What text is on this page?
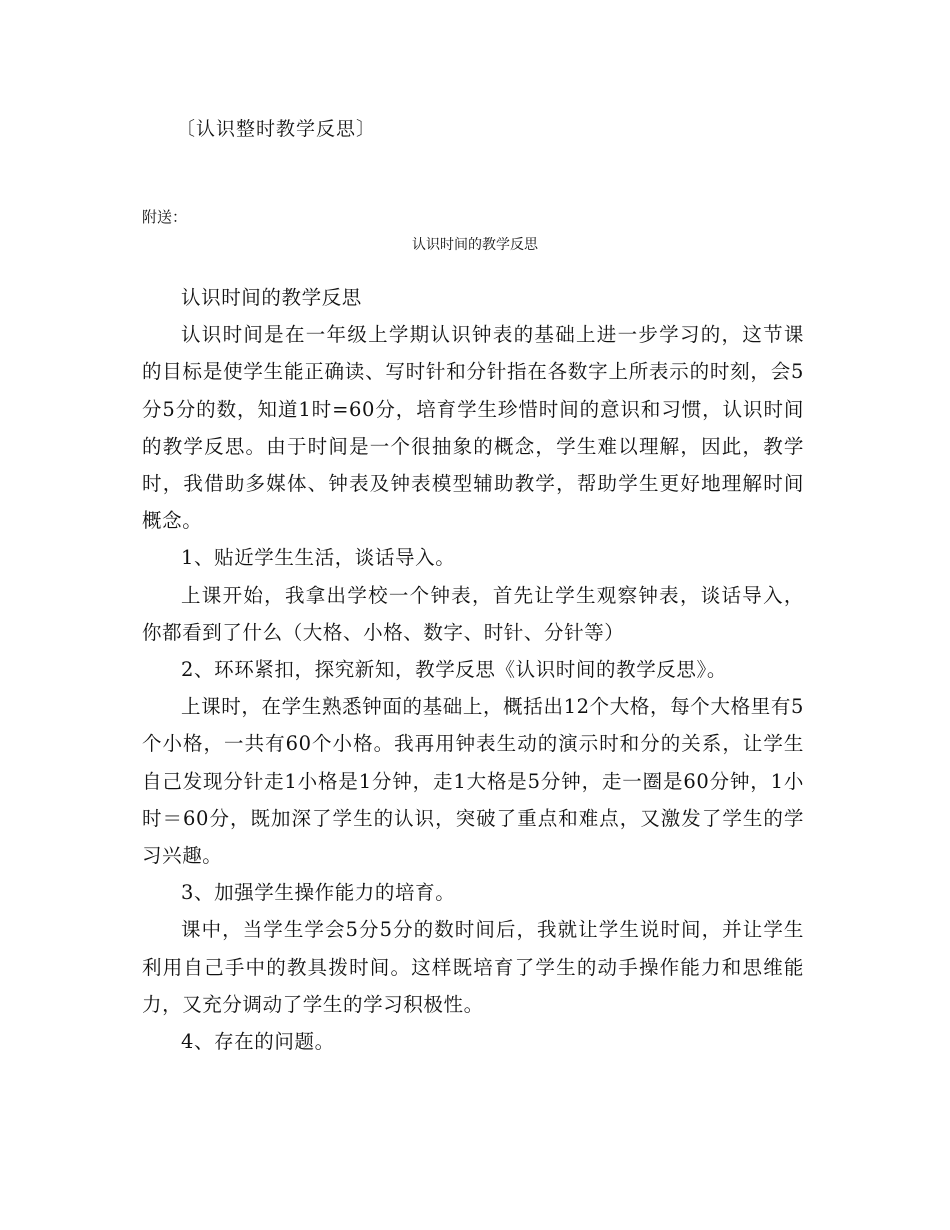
〔认识整时教学反思〕
附送：
认识时间的教学反思

认识时间的教学反思

认识时间是在一年级上学期认识钟表的基础上进一步学习的，这节课的目标是使学生能正确读、写时针和分针指在各数字上所表示的时刻，会5分5分的数，知道1时=60分，培育学生珍惜时间的意识和习惯，认识时间的教学反思。由于时间是一个很抽象的概念，学生难以理解，因此，教学时，我借助多媒体、钟表及钟表模型辅助教学，帮助学生更好地理解时间概念。

1、贴近学生生活，谈话导入。

上课开始，我拿出学校一个钟表，首先让学生观察钟表，谈话导入，你都看到了什么（大格、小格、数字、时针、分针等）

2、环环紧扣，探究新知，教学反思《认识时间的教学反思》。

上课时，在学生熟悉钟面的基础上，概括出12个大格，每个大格里有5个小格，一共有60个小格。我再用钟表生动的演示时和分的关系，让学生自己发现分针走1小格是1分钟，走1大格是5分钟，走一圈是60分钟，1小时＝60分，既加深了学生的认识，突破了重点和难点，又激发了学生的学习兴趣。

3、加强学生操作能力的培育。

课中，当学生学会5分5分的数时间后，我就让学生说时间，并让学生利用自己手中的教具拨时间。这样既培育了学生的动手操作能力和思维能力，又充分调动了学生的学习积极性。

4、存在的问题。
